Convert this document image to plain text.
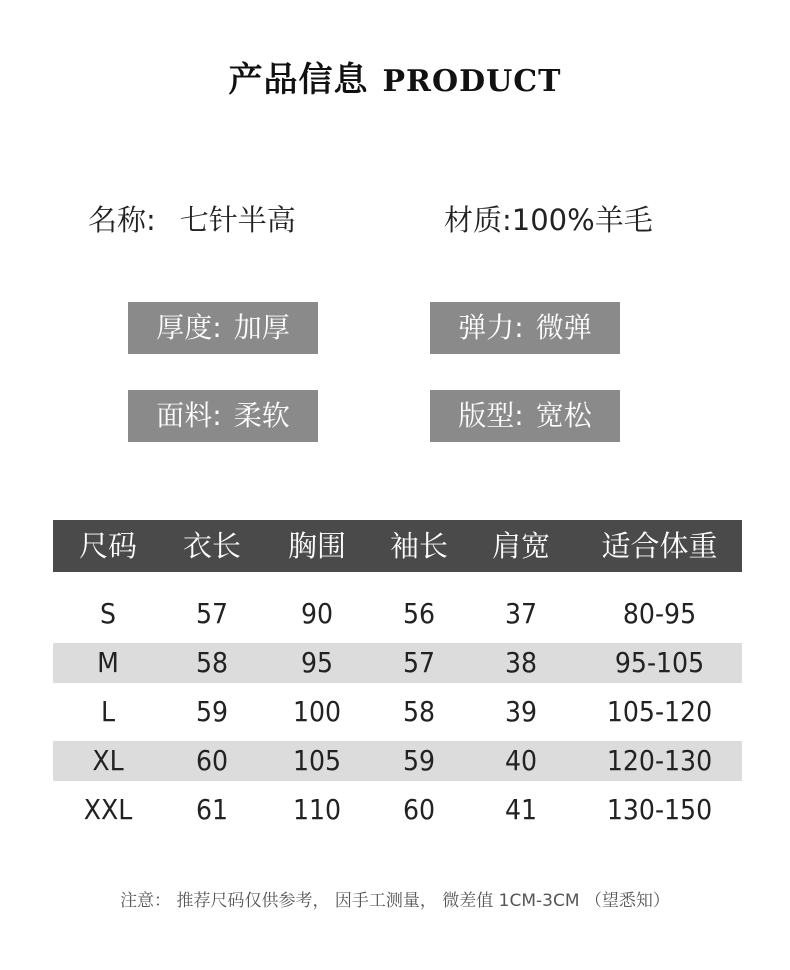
产品信息 PRODUCT
名称: 七针半高	材质:100%羊毛
厚度: 加厚	弹力: 微弹
面料: 柔软	版型: 宽松
尺码	衣长	胸围	袖长	肩宽	适合体重
S	57	90	56	37	80-95
M	58	95	57	38	95-105
L	59	100	58	39	105-120
XL	60	105	59	40	120-130
XXL	61	110	60	41	130-150
注意： 推荐尺码仅供参考， 因手工测量， 微差值 1CM-3CM （望悉知）
